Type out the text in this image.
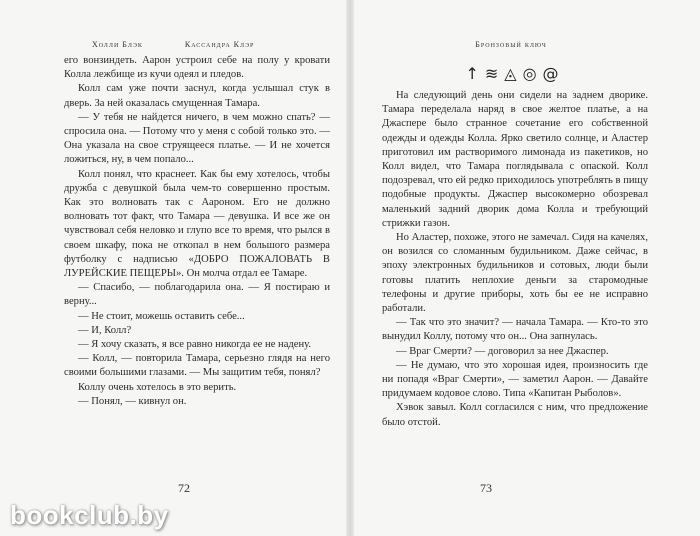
Холли Блэк	Кассандра Клэр

его вонзиндеть. Аарон устроил себе на полу у кровати Колла лежбище из кучи одеял и пледов.

Колл сам уже почти заснул, когда услышал стук в дверь. За ней оказалась смущенная Тамара.

— У тебя не найдется ничего, в чем можно спать? — спросила она. — Потому что у меня с собой только это. — Она указала на свое струящееся платье. — И не хочется ложиться, ну, в чем попало...

Колл понял, что краснеет. Как бы ему хотелось, чтобы дружба с девушкой была чем-то совершенно простым. Как это волновать так с Аароном. Его не должно волновать тот факт, что Тамара — девушка. И все же он чувствовал себя неловко и глупо все то время, что рылся в своем шкафу, пока не откопал в нем большого размера футболку с надписью «ДОБРО ПОЖАЛОВАТЬ В ЛУРЕЙСКИЕ ПЕЩЕРЫ». Он молча отдал ее Тамаре.

— Спасибо, — поблагодарила она. — Я постираю и верну...

— Не стоит, можешь оставить себе...

— И, Колл?

— Я хочу сказать, я все равно никогда ее не надену.

— Колл, — повторила Тамара, серьезно глядя на него своими большими глазами. — Мы защитим тебя, понял?

Коллу очень хотелось в это верить.

— Понял, — кивнул он.

72
Бронзовый ключ
↑≋◬◎@

На следующий день они сидели на заднем дворике. Тамара переделала наряд в свое желтое платье, а на Джаспере было странное сочетание его собственной одежды и одежды Колла. Ярко светило солнце, и Аластер приготовил им растворимого лимонада из пакетиков, но Колл видел, что Тамара поглядывала с опаской. Колл подозревал, что ей редко приходилось употреблять в пищу подобные продукты. Джаспер высокомерно обозревал маленький задний дворик дома Колла и требующий стрижки газон.

Но Аластер, похоже, этого не замечал. Сидя на качелях, он возился со сломанным будильником. Даже сейчас, в эпоху электронных будильников и сотовых, люди были готовы платить неплохие деньги за старомодные телефоны и другие приборы, хоть бы ее не исправно работали.

— Так что это значит? — начала Тамара. — Кто-то это вынудил Коллу, потому что он... Она запнулась.

— Враг Смерти? — договорил за нее Джаспер.

— Не думаю, что это хорошая идея, произносить где ни попадя «Враг Смерти», — заметил Аарон. — Давайте придумаем кодовое слово. Типа «Капитан Рыболов».

Хэвок завыл. Колл согласился с ним, что предложение было отстой.

73
bookclub.by
